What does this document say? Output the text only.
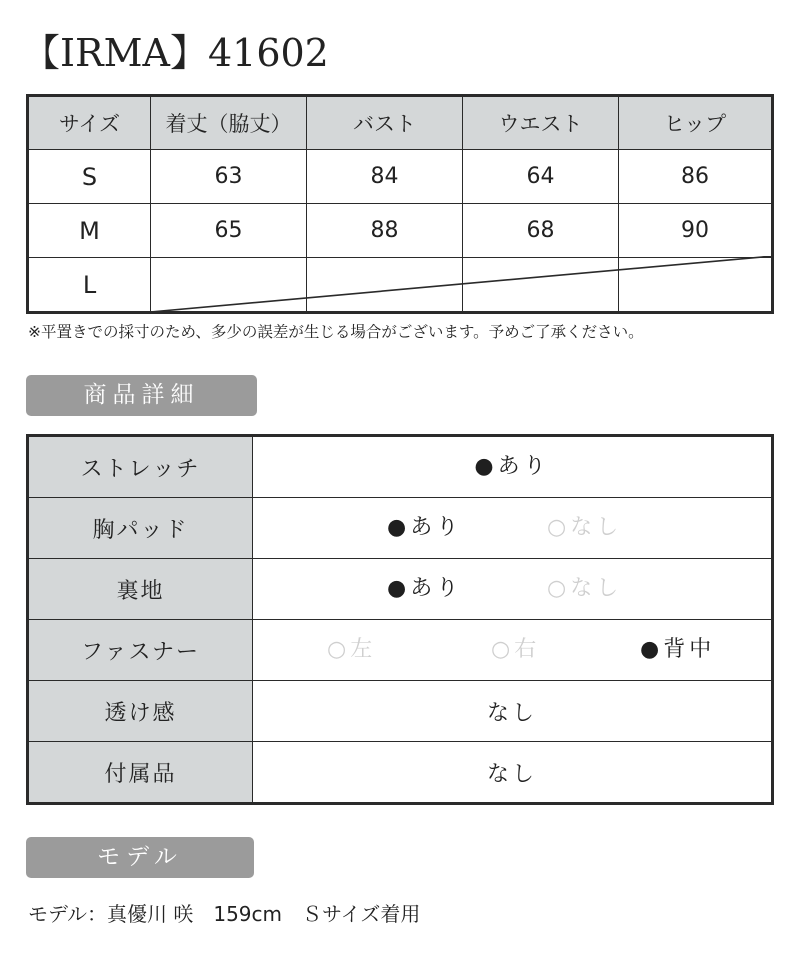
【IRMA】41602
サイズ	着丈（脇丈）	バスト	ウエスト	ヒップ
S	63	84	64	86
M	65	88	68	90
L				
※平置きでの採寸のため、多少の誤差が生じる場合がございます。予めご了承ください。
商品詳細
ストレッチ	●あり

胸パッド	●あり ○なし

裏地	●あり ○なし

ファスナー	○左 ○右 ●背中

透け感	なし
付属品	なし
モデル
モデル：真優川 咲　159cm　Ｓサイズ着用
